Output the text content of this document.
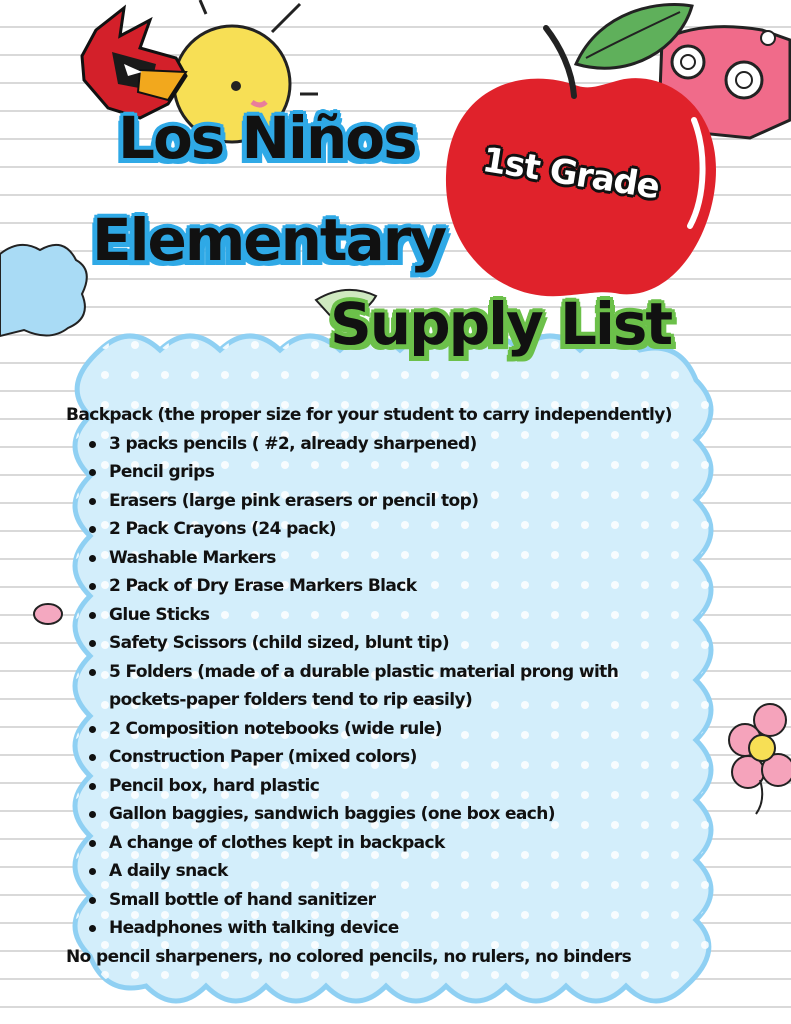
Los Niños
Elementary
Supply List
1st Grade
Backpack (the proper size for your student to carry independently)
3 packs pencils ( #2, already sharpened)
Pencil grips
Erasers (large pink erasers or pencil top)
2 Pack Crayons (24 pack)
Washable Markers
2 Pack of Dry Erase Markers Black
Glue Sticks
Safety Scissors (child sized, blunt tip)
5 Folders (made of a durable plastic material prong with
pockets-paper folders tend to rip easily)
2 Composition notebooks (wide rule)
Construction Paper (mixed colors)
Pencil box, hard plastic
Gallon baggies, sandwich baggies (one box each)
A change of clothes kept in backpack
A daily snack
Small bottle of hand sanitizer
Headphones with talking device
No pencil sharpeners, no colored pencils, no rulers, no binders
